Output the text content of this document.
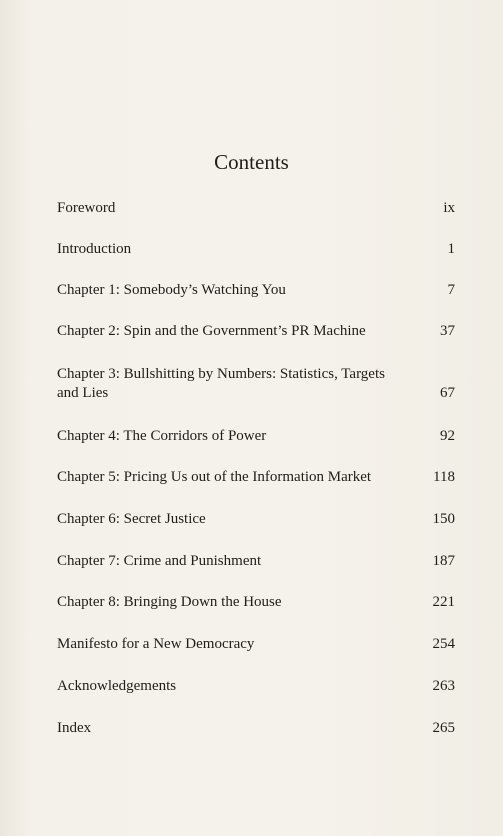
Contents
Foreword	ix
Introduction	1
Chapter 1: Somebody’s Watching You	7
Chapter 2: Spin and the Government’s PR Machine	37
Chapter 3: Bullshitting by Numbers: Statistics, Targets and Lies	67
Chapter 4: The Corridors of Power	92
Chapter 5: Pricing Us out of the Information Market	118
Chapter 6: Secret Justice	150
Chapter 7: Crime and Punishment	187
Chapter 8: Bringing Down the House	221
Manifesto for a New Democracy	254
Acknowledgements	263
Index	265
